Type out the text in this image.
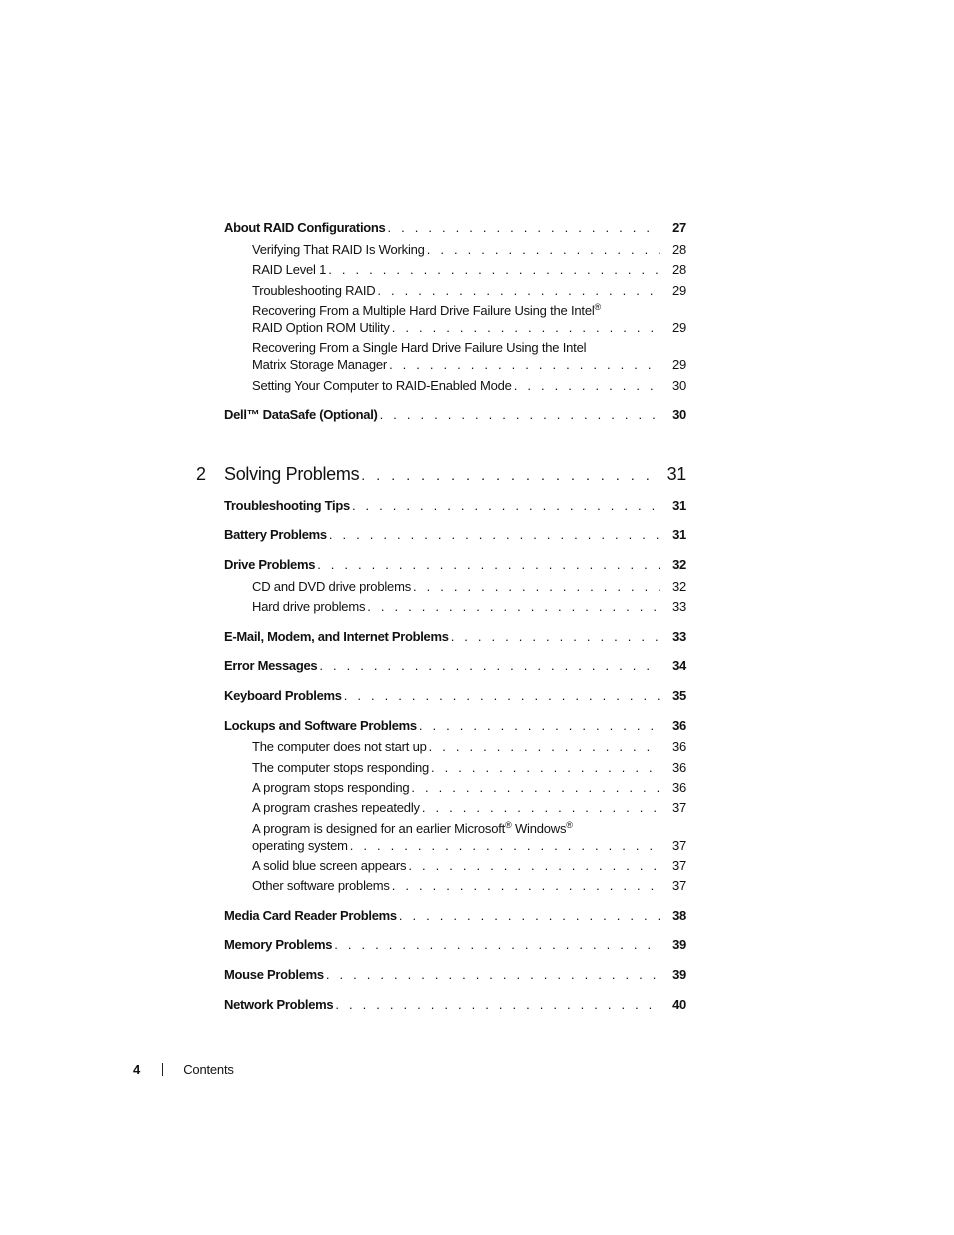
About RAID Configurations . . .	27
Verifying That RAID Is Working . . .	28
RAID Level 1 . . .	28
Troubleshooting RAID . . .	29
Recovering From a Multiple Hard Drive Failure Using the Intel®
RAID Option ROM Utility . . .	29
Recovering From a Single Hard Drive Failure Using the Intel
Matrix Storage Manager . . .	29
Setting Your Computer to RAID-Enabled Mode . . .	30
Dell™ DataSafe (Optional) . . .	30
2	Solving Problems . . .	31
Troubleshooting Tips . . .	31
Battery Problems . . .	31
Drive Problems . . .	32
CD and DVD drive problems . . .	32
Hard drive problems . . .	33
E-Mail, Modem, and Internet Problems . . .	33
Error Messages . . .	34
Keyboard Problems . . .	35
Lockups and Software Problems . . .	36
The computer does not start up . . .	36
The computer stops responding . . .	36
A program stops responding . . .	36
A program crashes repeatedly . . .	37
A program is designed for an earlier Microsoft® Windows®
operating system . . .	37
A solid blue screen appears . . .	37
Other software problems . . .	37
Media Card Reader Problems . . .	38
Memory Problems . . .	39
Mouse Problems . . .	39
Network Problems . . .	40
4	Contents
